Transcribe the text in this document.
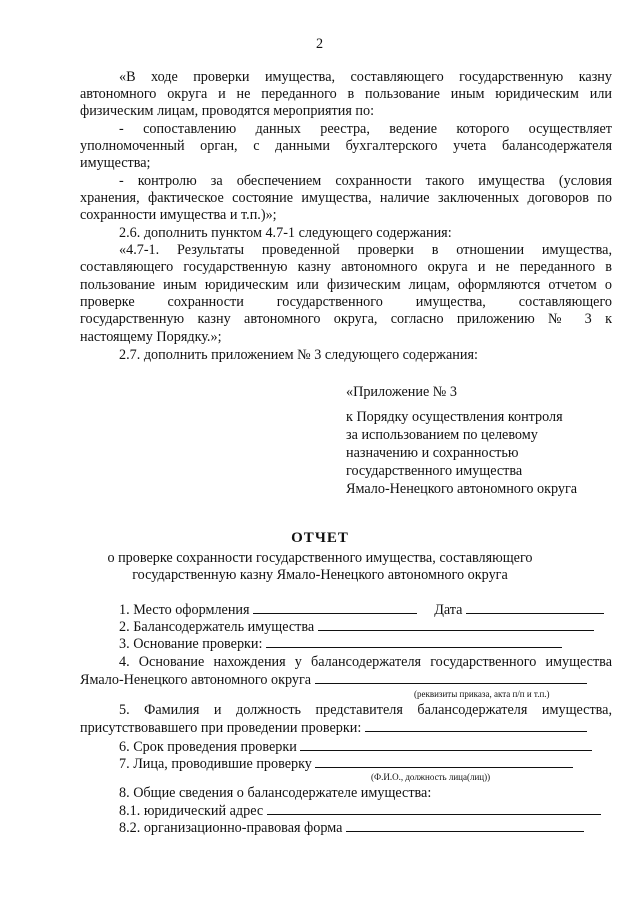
2
«В ходе проверки имущества, составляющего государственную казну
автономного округа и не переданного в пользование иным юридическим или
физическим лицам, проводятся мероприятия по:
- сопоставлению данных реестра, ведение которого осуществляет
уполномоченный орган, с данными бухгалтерского учета балансодержателя
имущества;
- контролю за обеспечением сохранности такого имущества (условия
хранения, фактическое состояние имущества, наличие заключенных договоров по
сохранности имущества и т.п.)»;
2.6. дополнить пунктом 4.7-1 следующего содержания:
«4.7-1. Результаты проведенной проверки в отношении имущества,
составляющего государственную казну автономного округа и не переданного в
пользование иным юридическим или физическим лицам, оформляются отчетом о
проверке сохранности государственного имущества, составляющего
государственную казну автономного округа, согласно приложению № 3 к
настоящему Порядку.»;
2.7. дополнить приложением № 3 следующего содержания:
«Приложение № 3
к Порядку осуществления контроля
за использованием по целевому
назначению и сохранностью
государственного имущества
Ямало-Ненецкого автономного округа
ОТЧЕТ
о проверке сохранности государственного имущества, составляющего
государственную казну Ямало-Ненецкого автономного округа
1. Место оформления	Дата
2. Балансодержатель имущества
3. Основание проверки:
4. Основание нахождения у балансодержателя государственного имущества
Ямало-Ненецкого автономного округа
(реквизиты приказа, акта п/п и т.п.)
5. Фамилия и должность представителя балансодержателя имущества,
присутствовавшего при проведении проверки:
6. Срок проведения проверки
7. Лица, проводившие проверку
(Ф.И.О., должность лица(лиц))
8. Общие сведения о балансодержателе имущества:
8.1. юридический адрес
8.2. организационно-правовая форма
